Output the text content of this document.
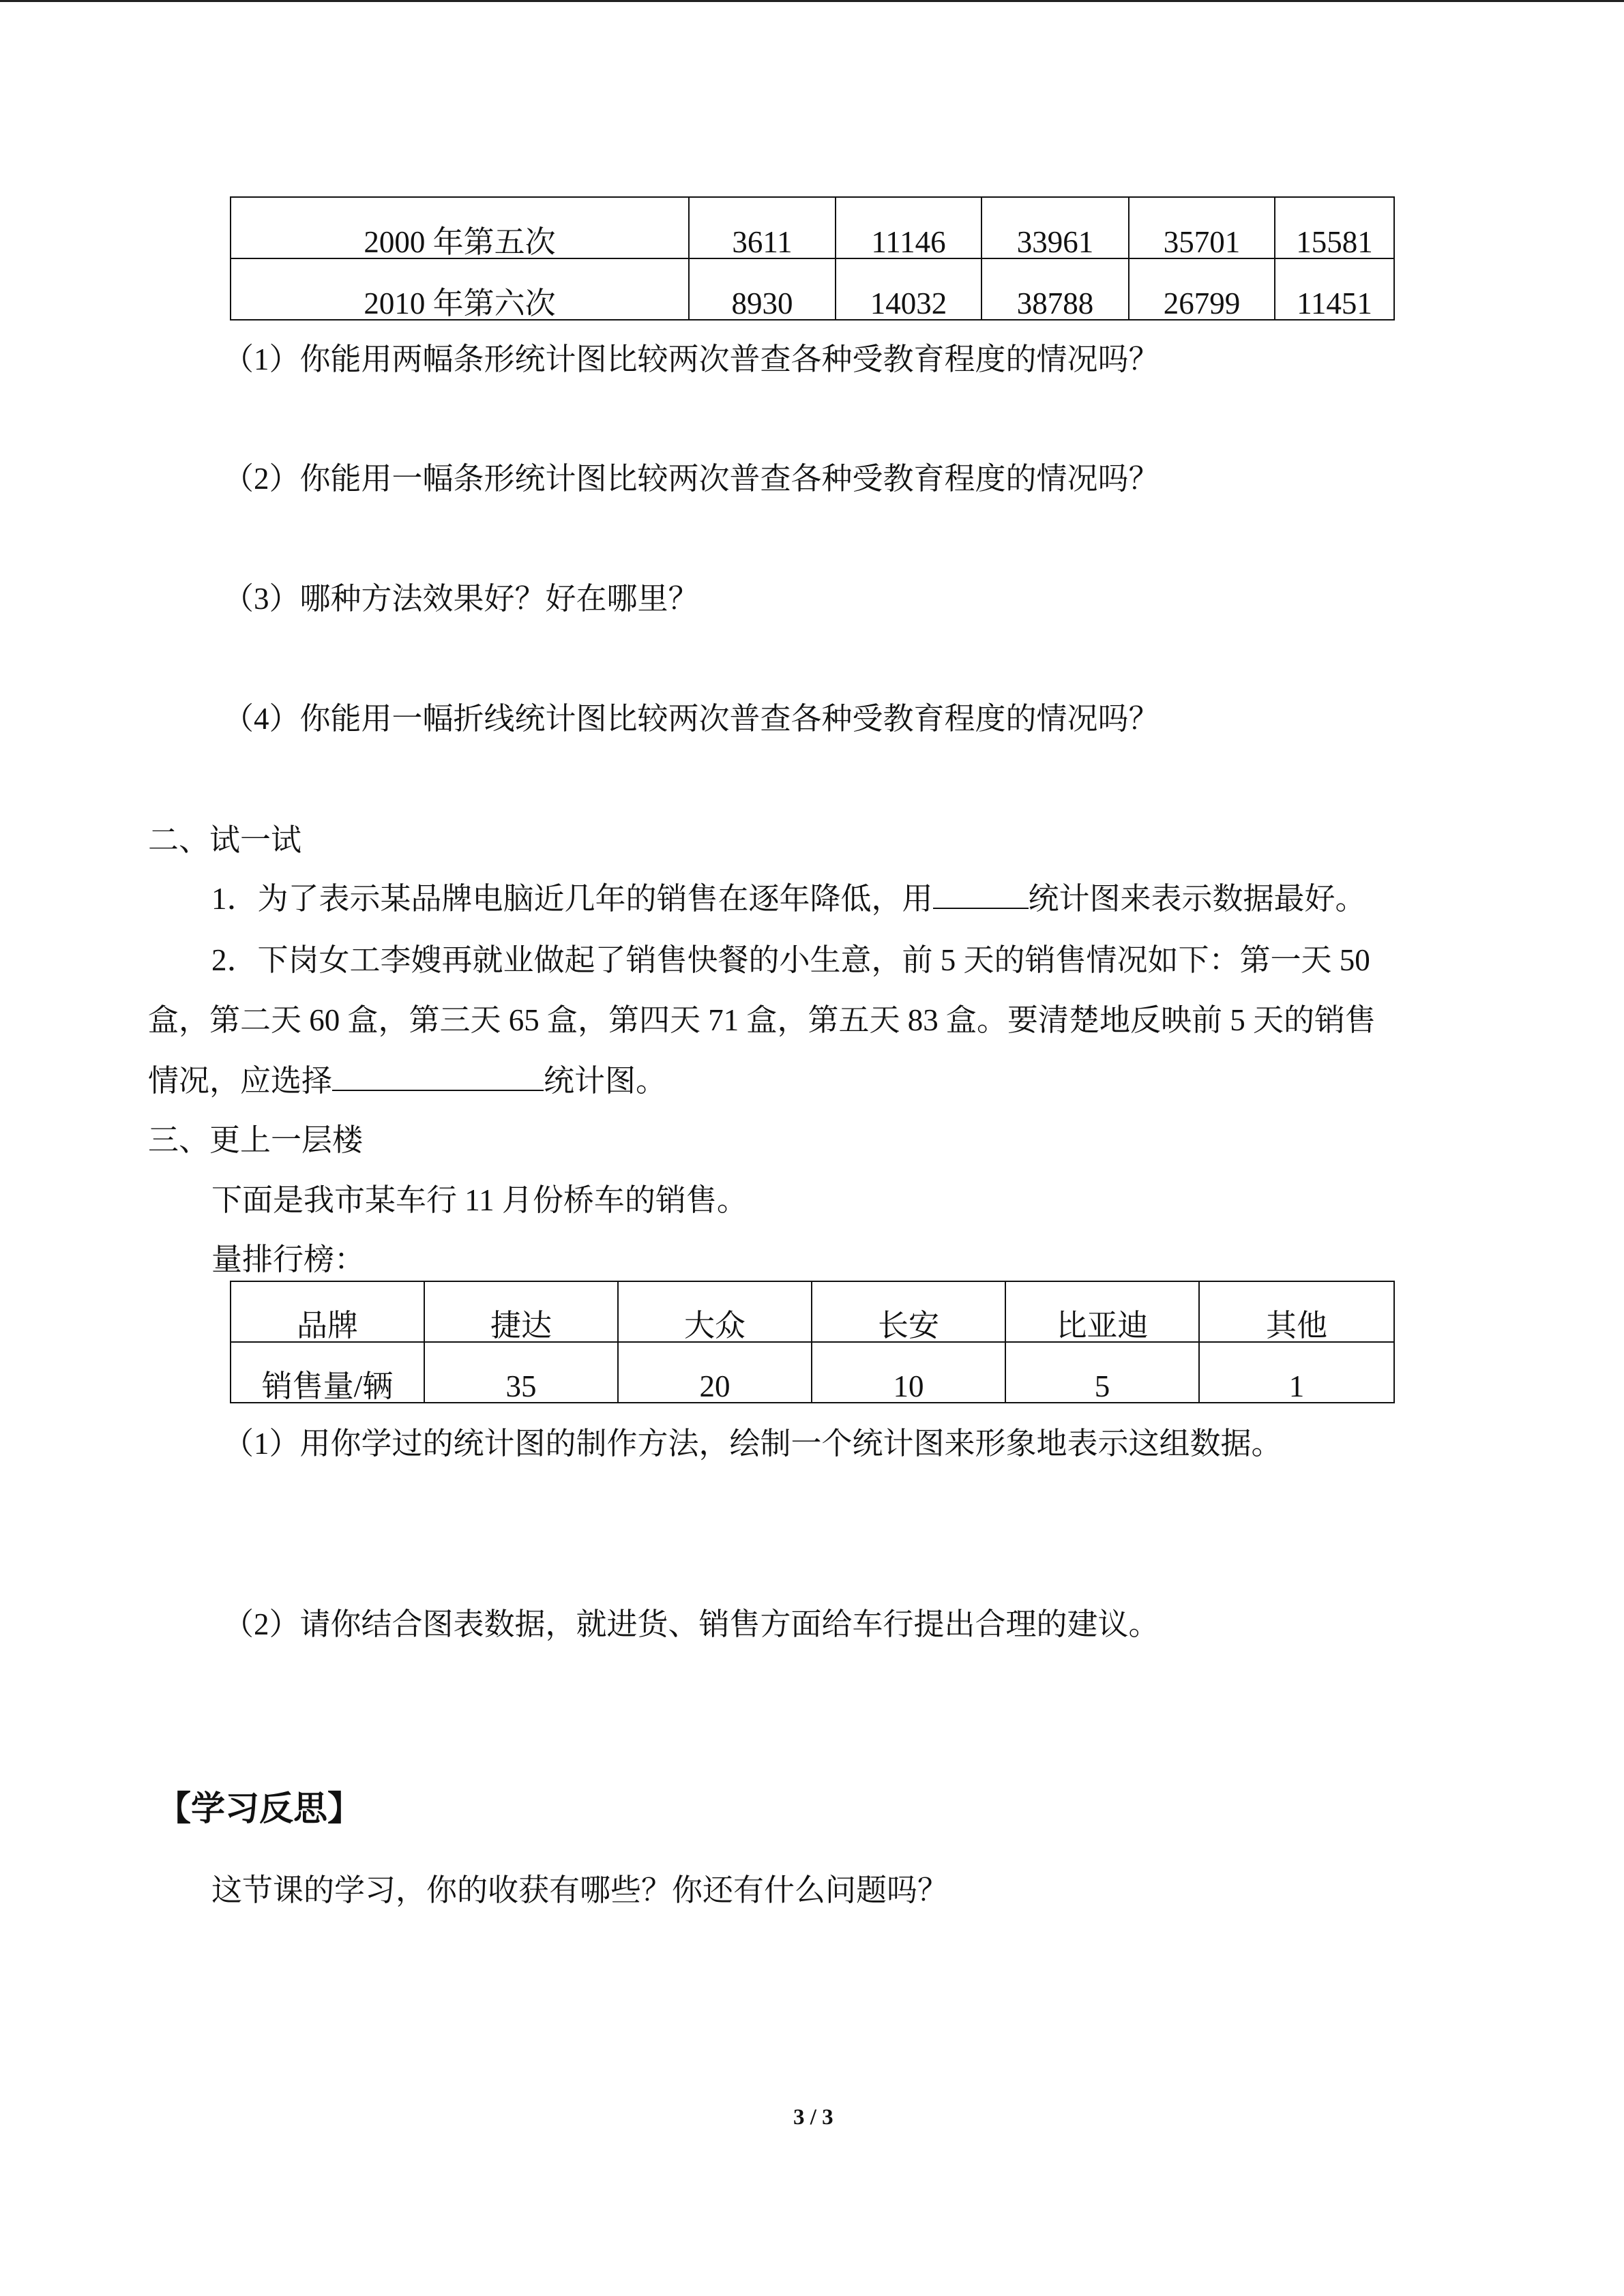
2000 年第五次	3611	11146	33961	35701	15581
2010 年第六次	8930	14032	38788	26799	11451
（1）你能用两幅条形统计图比较两次普查各种受教育程度的情况吗？
（2）你能用一幅条形统计图比较两次普查各种受教育程度的情况吗？
（3）哪种方法效果好？好在哪里？
（4）你能用一幅折线统计图比较两次普查各种受教育程度的情况吗？
二、试一试
1．为了表示某品牌电脑近几年的销售在逐年降低，用	统计图来表示数据最好。
2．下岗女工李嫂再就业做起了销售快餐的小生意，前 5 天的销售情况如下：第一天 50
盒，第二天 60 盒，第三天 65 盒，第四天 71 盒，第五天 83 盒。要清楚地反映前 5 天的销售
情况，应选择	统计图。
三、更上一层楼
下面是我市某车行 11 月份桥车的销售。
量排行榜：
品牌	捷达	大众	长安	比亚迪	其他
销售量/辆	35	20	10	5	1
（1）用你学过的统计图的制作方法，绘制一个统计图来形象地表示这组数据。
（2）请你结合图表数据，就进货、销售方面给车行提出合理的建议。
【学习反思】
这节课的学习，你的收获有哪些？你还有什么问题吗？
3 / 3
